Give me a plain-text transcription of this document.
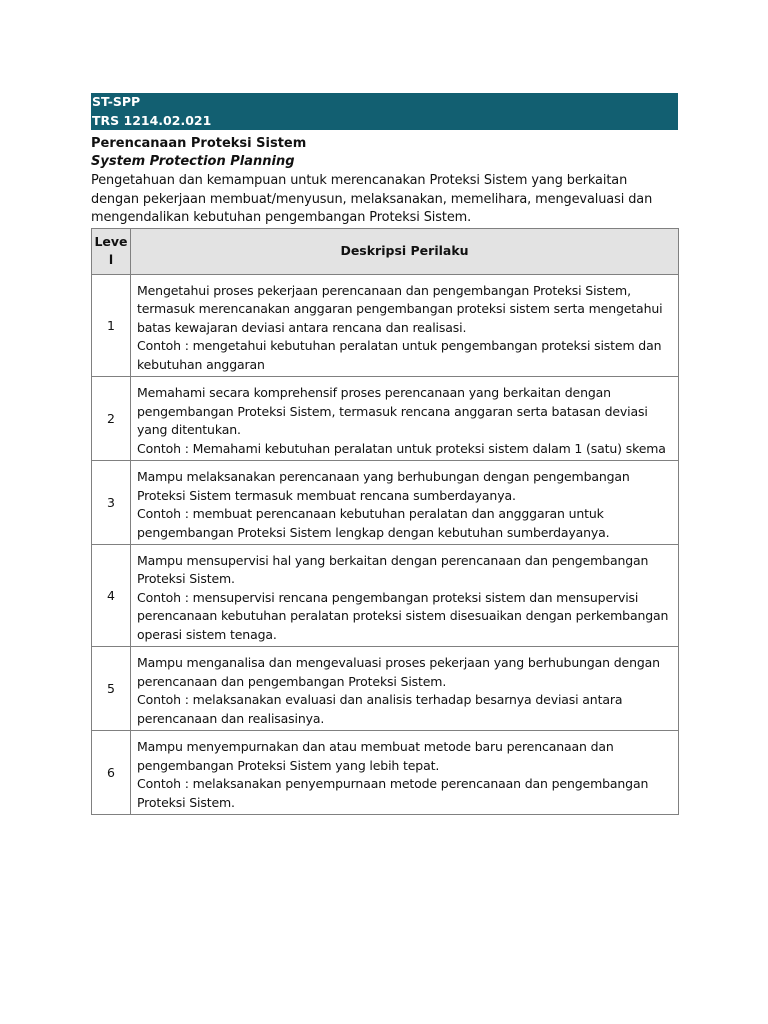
ST-SPP
TRS 1214.02.021
Perencanaan Proteksi Sistem
System Protection Planning
Pengetahuan dan kemampuan untuk merencanakan Proteksi Sistem yang berkaitan dengan pekerjaan membuat/menyusun, melaksanakan, memelihara, mengevaluasi dan mengendalikan kebutuhan pengembangan Proteksi Sistem.
Leve
l	Deskripsi Perilaku
1	Mengetahui proses pekerjaan perencanaan dan pengembangan Proteksi Sistem, termasuk merencanakan anggaran pengembangan proteksi sistem serta mengetahui batas kewajaran deviasi antara rencana dan realisasi.

Contoh : mengetahui kebutuhan peralatan untuk pengembangan proteksi sistem dan kebutuhan anggaran

2	Memahami secara komprehensif proses perencanaan yang berkaitan dengan pengembangan Proteksi Sistem, termasuk rencana anggaran serta batasan deviasi yang ditentukan.

Contoh : Memahami kebutuhan peralatan untuk proteksi sistem dalam 1 (satu) skema

3	Mampu melaksanakan perencanaan yang berhubungan dengan pengembangan Proteksi Sistem termasuk membuat rencana sumberdayanya.

Contoh : membuat perencanaan kebutuhan peralatan dan angggaran untuk pengembangan Proteksi Sistem lengkap dengan kebutuhan sumberdayanya.

4	Mampu mensupervisi hal yang berkaitan dengan perencanaan dan pengembangan Proteksi Sistem.

Contoh : mensupervisi rencana pengembangan proteksi sistem dan mensupervisi perencanaan kebutuhan peralatan proteksi sistem disesuaikan dengan perkembangan operasi sistem tenaga.

5	Mampu menganalisa dan mengevaluasi proses pekerjaan yang berhubungan dengan perencanaan dan pengembangan Proteksi Sistem.

Contoh : melaksanakan evaluasi dan analisis terhadap besarnya deviasi antara perencanaan dan realisasinya.

6	Mampu menyempurnakan dan atau membuat metode baru perencanaan dan pengembangan Proteksi Sistem yang lebih tepat.

Contoh : melaksanakan penyempurnaan metode perencanaan dan pengembangan Proteksi Sistem.
